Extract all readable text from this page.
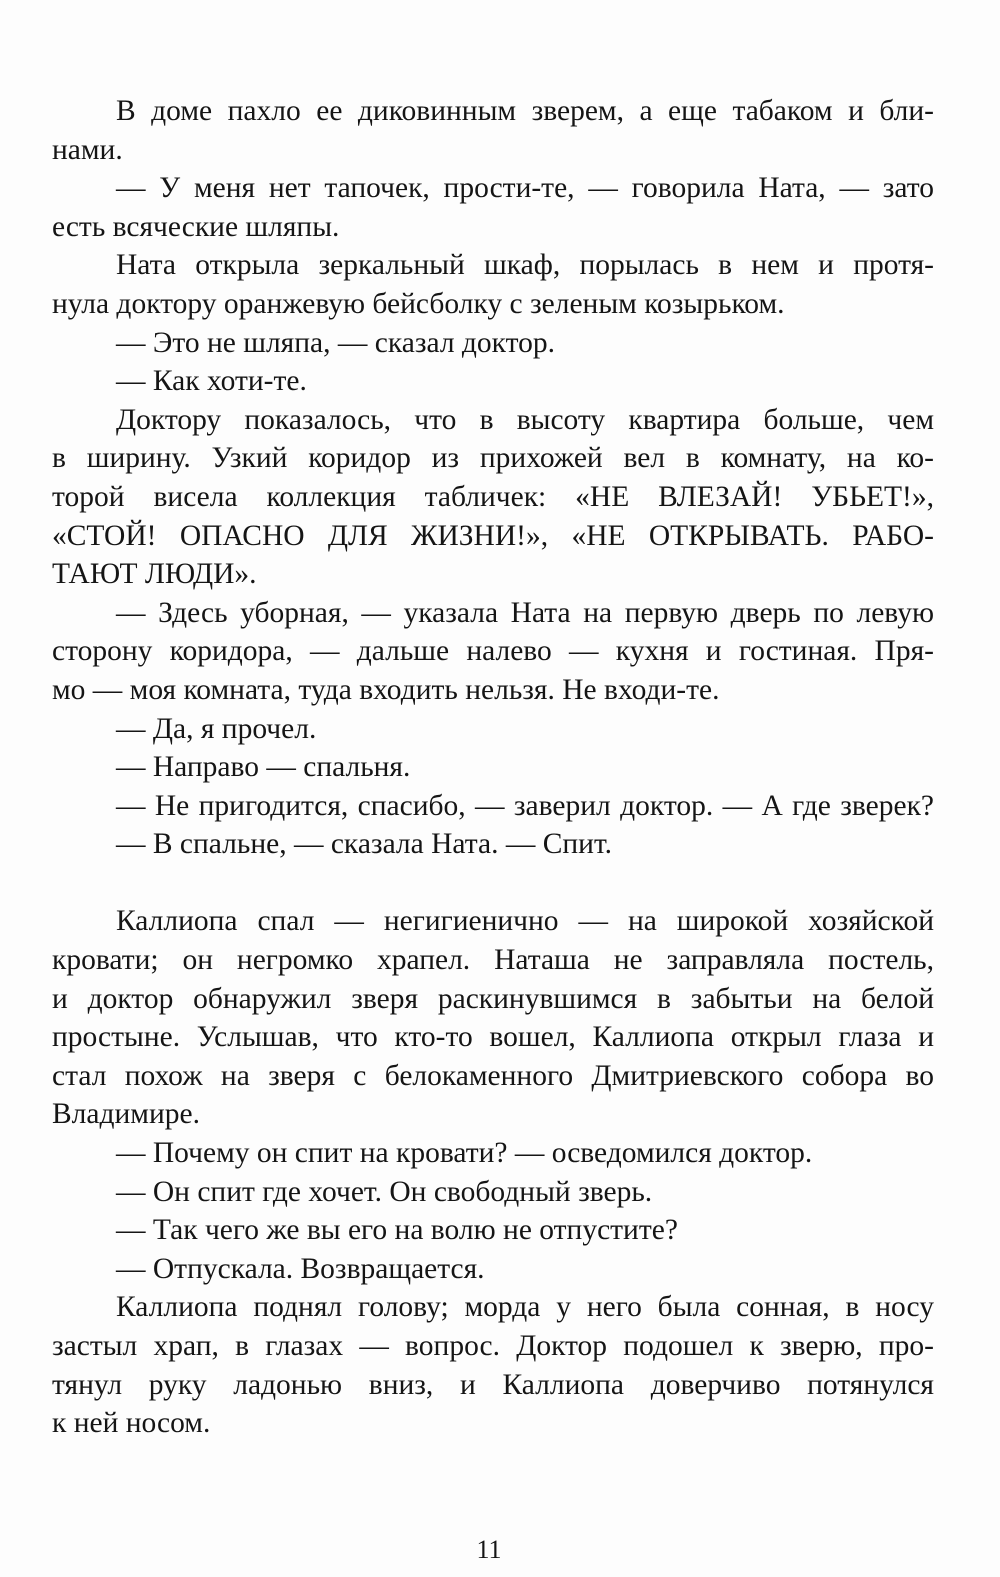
В доме пахло ее диковинным зверем, а еще табаком и бли-
нами.
— У меня нет тапочек, прости-те, — говорила Ната, — зато
есть всяческие шляпы.
Ната открыла зеркальный шкаф, порылась в нем и протя-
нула доктору оранжевую бейсболку с зеленым козырьком.
— Это не шляпа, — сказал доктор.
— Как хоти-те.
Доктору показалось, что в высоту квартира больше, чем
в ширину. Узкий коридор из прихожей вел в комнату, на ко-
торой висела коллекция табличек: «НЕ ВЛЕЗАЙ! УБЬЕТ!»,
«СТОЙ! ОПАСНО ДЛЯ ЖИЗНИ!», «НЕ ОТКРЫВАТЬ. РАБО-
ТАЮТ ЛЮДИ».
— Здесь уборная, — указала Ната на первую дверь по левую
сторону коридора, — дальше налево — кухня и гостиная. Пря-
мо — моя комната, туда входить нельзя. Не входи-те.
— Да, я прочел.
— Направо — спальня.
— Не пригодится, спасибо, — заверил доктор. — А где зверек?
— В спальне, — сказала Ната. — Спит.
Каллиопа спал — негигиенично — на широкой хозяйской
кровати; он негромко храпел. Наташа не заправляла постель,
и доктор обнаружил зверя раскинувшимся в забытьи на белой
простыне. Услышав, что кто-то вошел, Каллиопа открыл глаза и
стал похож на зверя с белокаменного Дмитриевского собора во
Владимире.
— Почему он спит на кровати? — осведомился доктор.
— Он спит где хочет. Он свободный зверь.
— Так чего же вы его на волю не отпустите?
— Отпускала. Возвращается.
Каллиопа поднял голову; морда у него была сонная, в носу
застыл храп, в глазах — вопрос. Доктор подошел к зверю, про-
тянул руку ладонью вниз, и Каллиопа доверчиво потянулся
к ней носом.
11
